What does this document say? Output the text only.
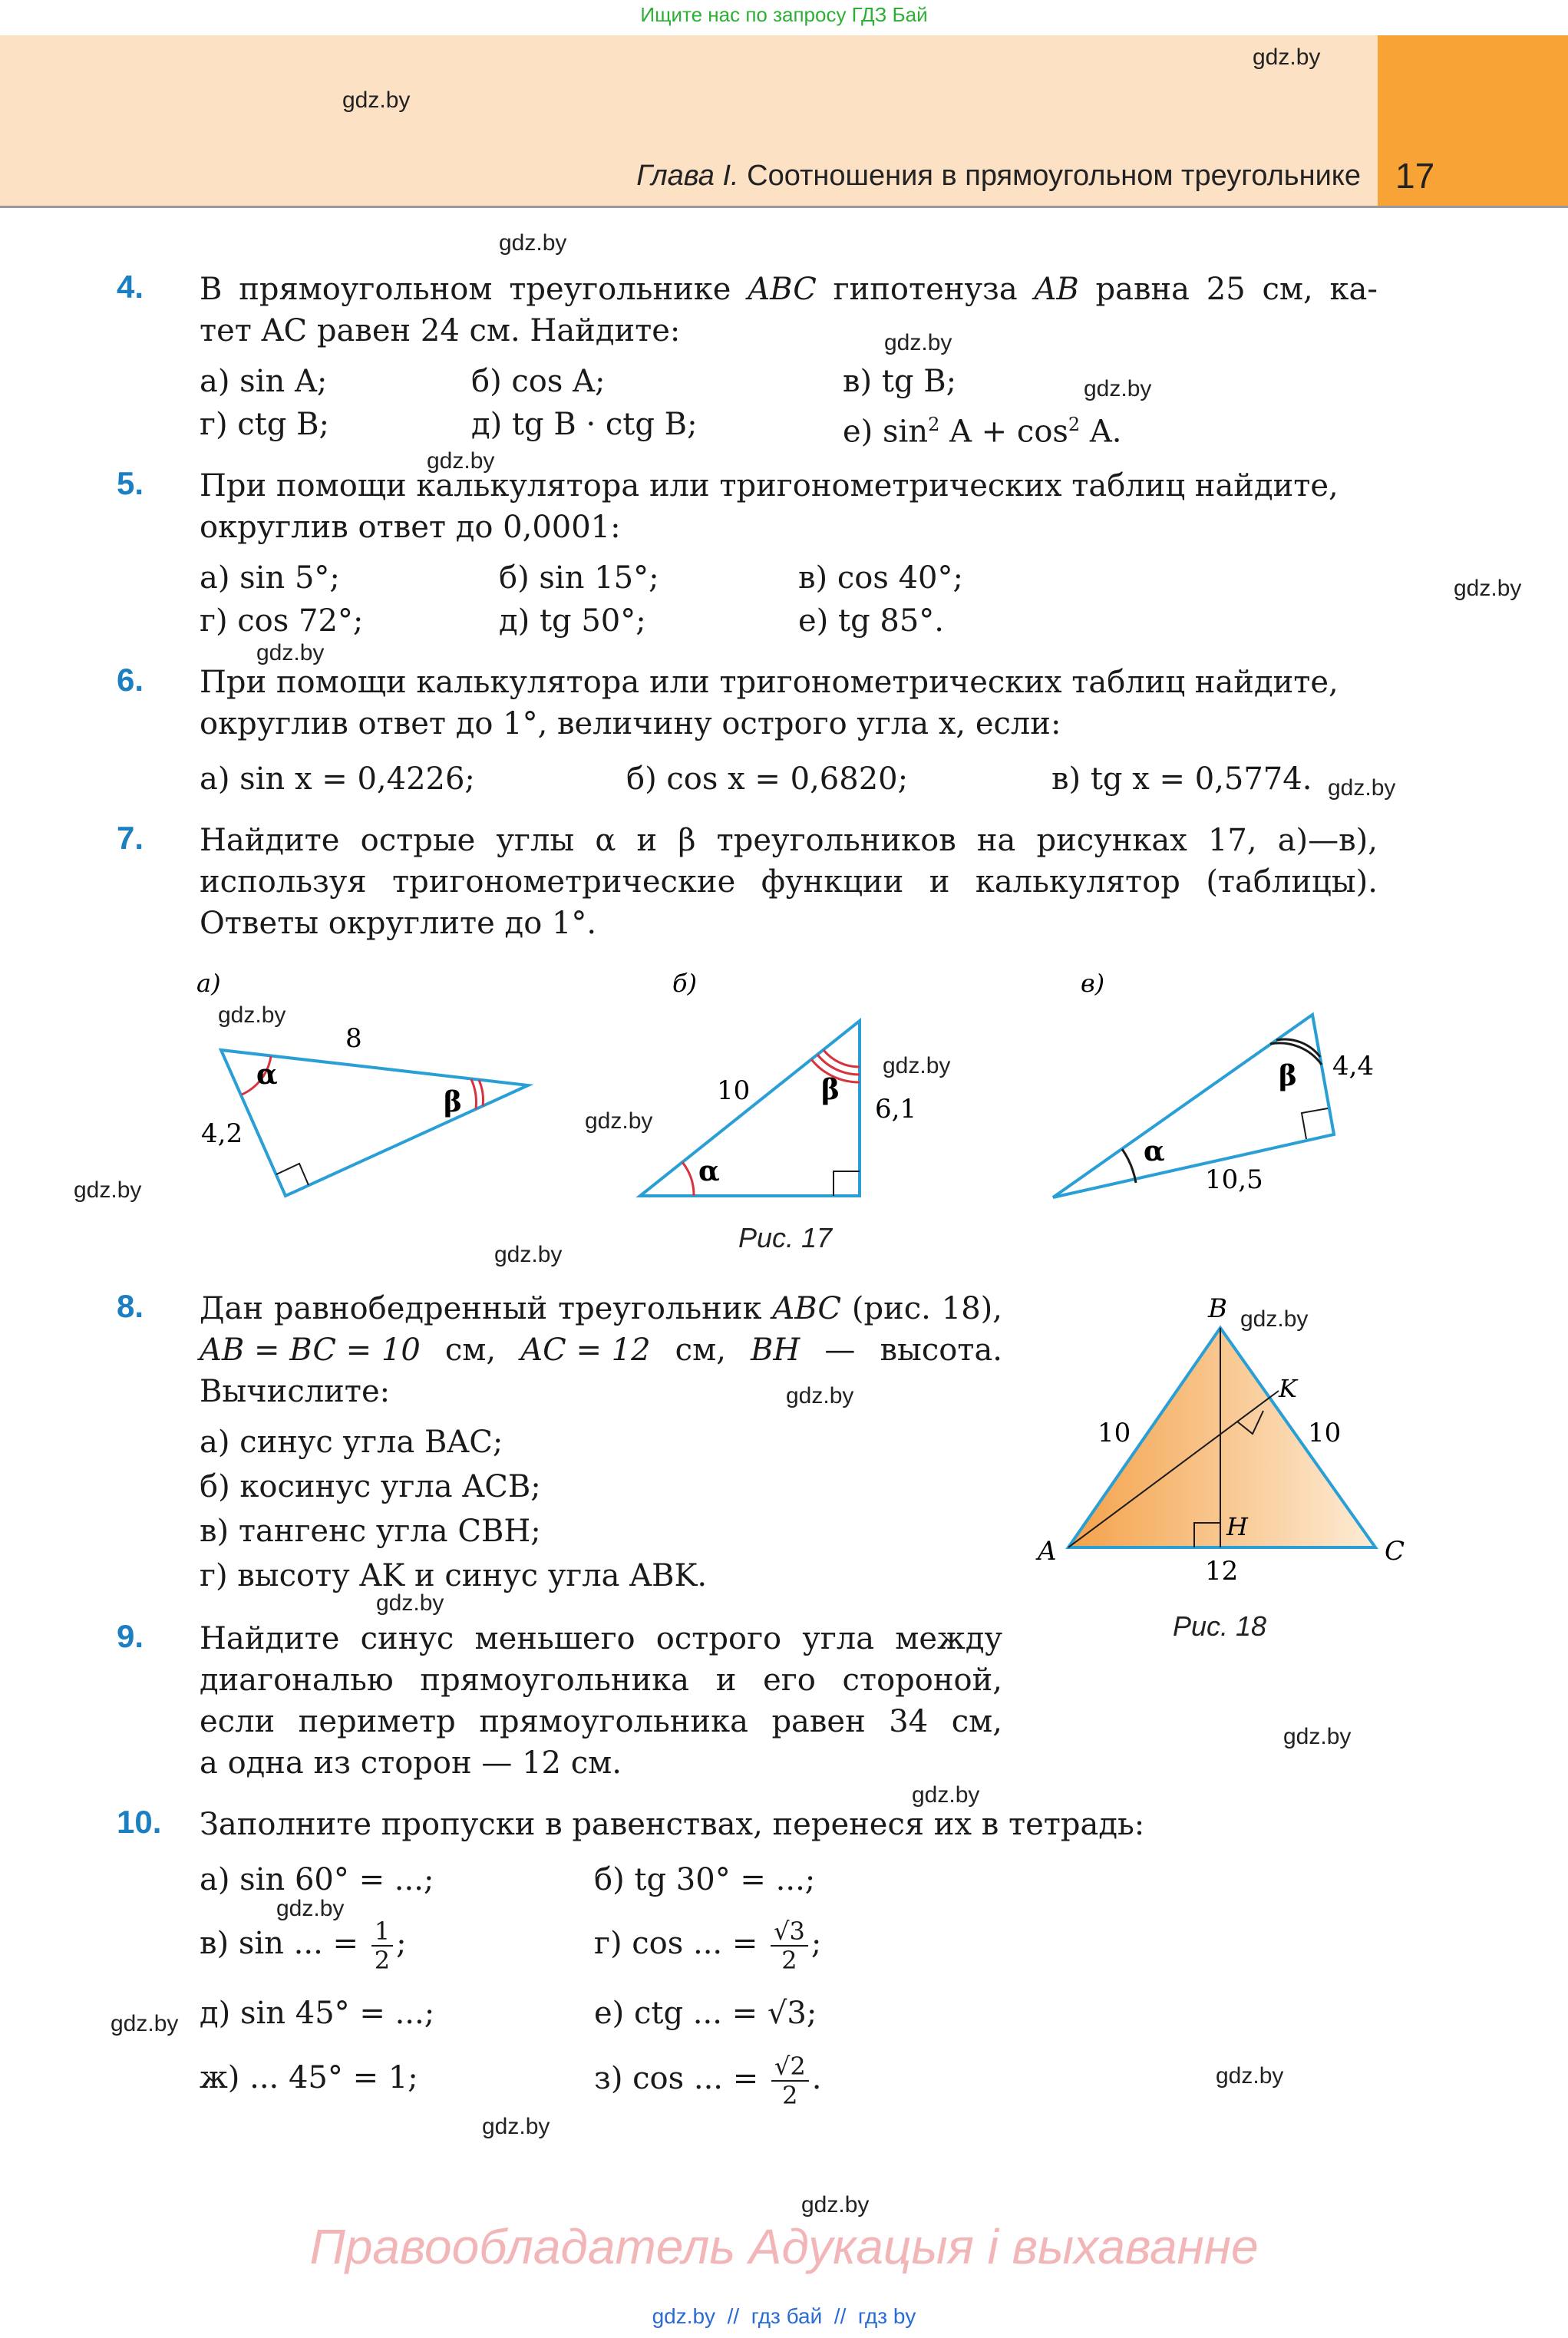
Ищите нас по запросу ГДЗ Бай
Глава I. Соотношения в прямоугольном треугольнике 17
gdz.by
gdz.by
gdz.by
gdz.by
gdz.by
gdz.by
gdz.by
gdz.by
gdz.by
gdz.by
gdz.by
gdz.by
gdz.by
gdz.by
gdz.by
gdz.by
gdz.by
gdz.by
gdz.by
gdz.by
gdz.by
gdz.by
gdz.by
gdz.by
4. В прямоугольном треугольнике ABC гипотенуза AB равна 25 см, ка-
тет AC равен 24 см. Найдите:
а) sin A;	б) cos A;	в) tg B;
г) ctg B;	д) tg B · ctg B;	е) $\sin^2 A + \cos^2 A$.
5. При помощи калькулятора или тригонометрических таблиц найдите,
округлив ответ до 0,0001:
а) sin 5°;	б) sin 15°;	в) cos 40°;
г) cos 72°;	д) tg 50°;	е) tg 85°.
6. При помощи калькулятора или тригонометрических таблиц найдите,
округлив ответ до 1°, величину острого угла x, если:
а) sin x = 0,4226;	б) cos x = 0,6820;	в) tg x = 0,5774.
7. Найдите острые углы α и β треугольников на рисунках 17, а)—в),
используя тригонометрические функции и калькулятор (таблицы).
Ответы округлите до 1°.
а)
8
4,2
α
β
б)
10
6,1
α
β
в)
4,4
10,5
α
β
Рис. 17
8. Дан равнобедренный треугольник ABC (рис. 18),
AB = BC = 10 см, AC = 12 см, BH — высота.
Вычислите:
а) синус угла BAC;
б) косинус угла ACB;
в) тангенс угла CBH;
г) высоту AK и синус угла ABK.
A
B
C
H
K
10	10
12
Рис. 18
9. Найдите синус меньшего острого угла между
диагональю прямоугольника и его стороной,
если периметр прямоугольника равен 34 см,
а одна из сторон — 12 см.
10. Заполните пропуски в равенствах, перенеся их в тетрадь:
а) sin 60° = ...;	б) tg 30° = ...;
в) sin ... = $\frac{1}{2}$ ;	г) cos ... = $\frac{√3}{2}$ ;
д) sin 45° = ...;	е) ctg ... = √3;
ж) ... 45° = 1;	з) cos ... = $\frac{√2}{2}$ .
Правообладатель Адукацыя і выхаванне
gdz.by  //  гдз бай  //  гдз by
